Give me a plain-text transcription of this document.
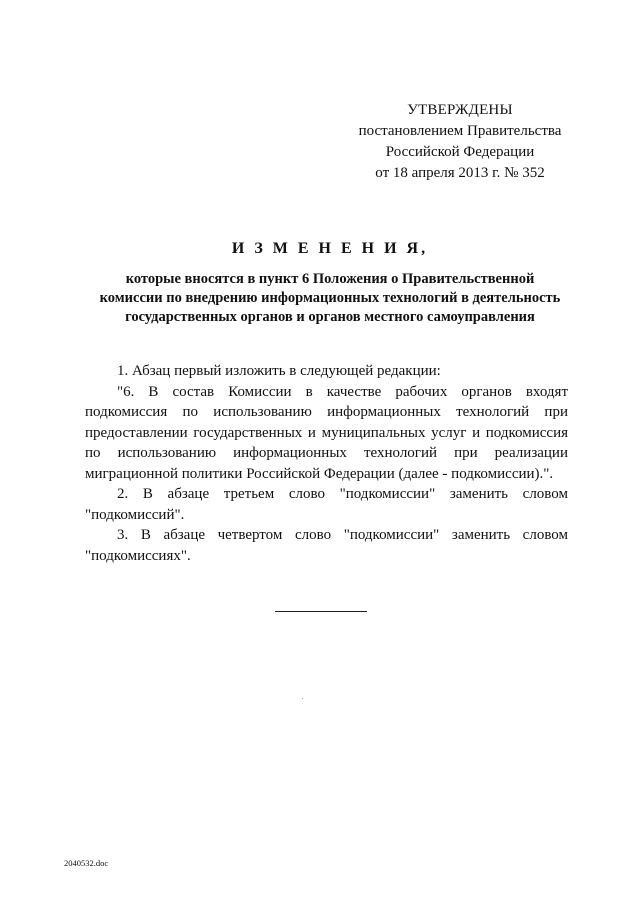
УТВЕРЖДЕНЫ
постановлением Правительства
Российской Федерации
от 18 апреля 2013 г. № 352
И З М Е Н Е Н И Я,
которые вносятся в пункт 6 Положения о Правительственной
комиссии по внедрению информационных технологий в деятельность
государственных органов и органов местного самоуправления

1. Абзац первый изложить в следующей редакции:

"6. В состав Комиссии в качестве рабочих органов входят подкомиссия по использованию информационных технологий при предоставлении государственных и муниципальных услуг и подкомиссия по использованию информационных технологий при реализации миграционной политики Российской Федерации (далее - подкомиссии).".

2. В абзаце третьем слово "подкомиссии" заменить словом "подкомиссий".

3. В абзаце четвертом слово "подкомиссии" заменить словом "подкомиссиях".

2040532.doc
